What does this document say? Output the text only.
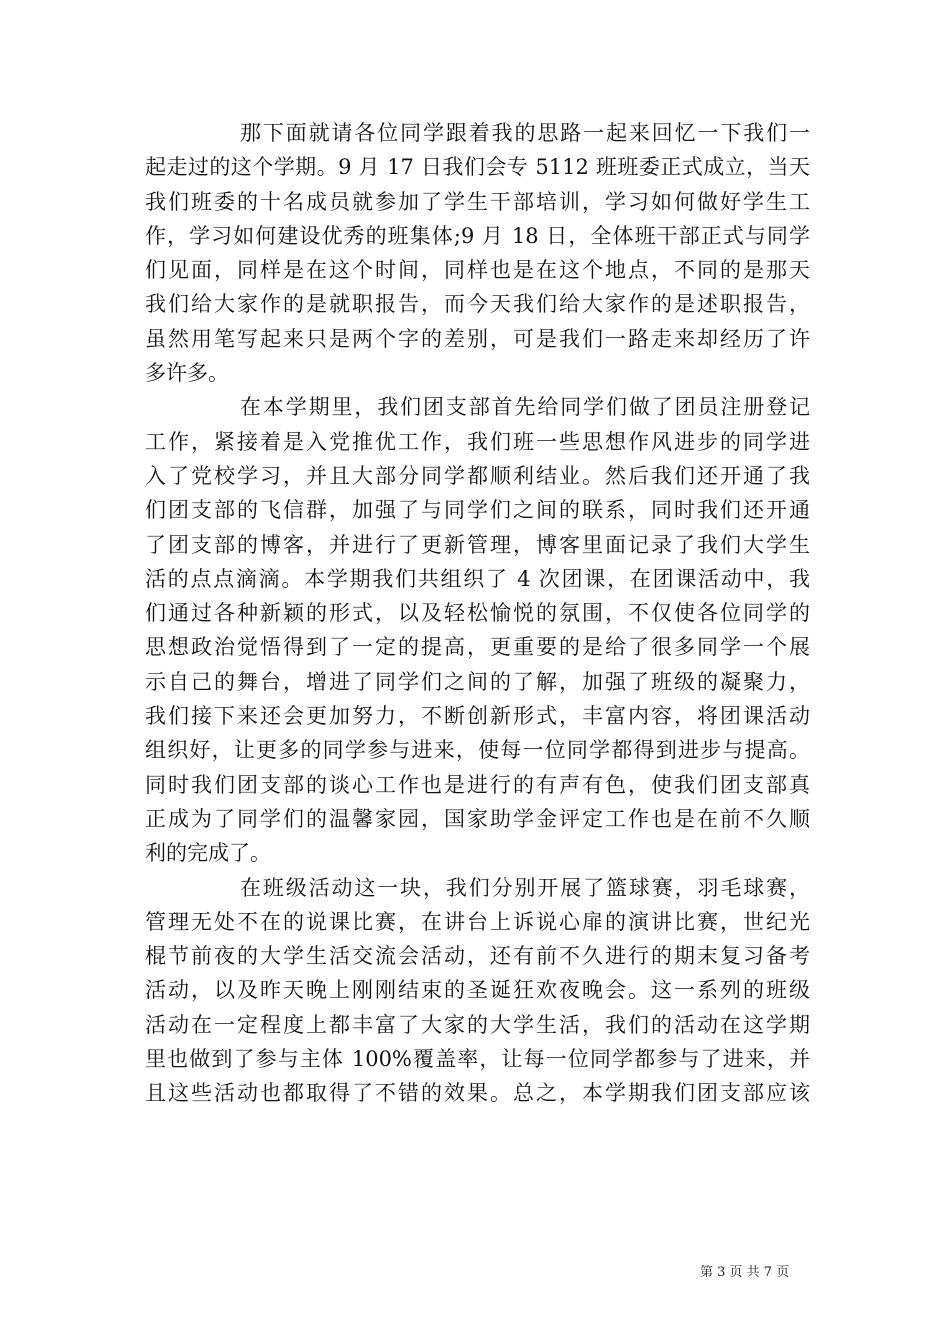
那下面就请各位同学跟着我的思路一起来回忆一下我们一
起走过的这个学期。9 月 17 日我们会专 5112 班班委正式成立，当天
我们班委的十名成员就参加了学生干部培训，学习如何做好学生工
作，学习如何建设优秀的班集体;9 月 18 日，全体班干部正式与同学
们见面，同样是在这个时间，同样也是在这个地点，不同的是那天
我们给大家作的是就职报告，而今天我们给大家作的是述职报告，
虽然用笔写起来只是两个字的差别，可是我们一路走来却经历了许
多许多。
在本学期里，我们团支部首先给同学们做了团员注册登记
工作，紧接着是入党推优工作，我们班一些思想作风进步的同学进
入了党校学习，并且大部分同学都顺利结业。然后我们还开通了我
们团支部的飞信群，加强了与同学们之间的联系，同时我们还开通
了团支部的博客，并进行了更新管理，博客里面记录了我们大学生
活的点点滴滴。本学期我们共组织了 4 次团课，在团课活动中，我
们通过各种新颖的形式，以及轻松愉悦的氛围，不仅使各位同学的
思想政治觉悟得到了一定的提高，更重要的是给了很多同学一个展
示自己的舞台，增进了同学们之间的了解，加强了班级的凝聚力，
我们接下来还会更加努力，不断创新形式，丰富内容，将团课活动
组织好，让更多的同学参与进来，使每一位同学都得到进步与提高。
同时我们团支部的谈心工作也是进行的有声有色，使我们团支部真
正成为了同学们的温馨家园，国家助学金评定工作也是在前不久顺
利的完成了。
在班级活动这一块，我们分别开展了篮球赛，羽毛球赛，
管理无处不在的说课比赛，在讲台上诉说心扉的演讲比赛，世纪光
棍节前夜的大学生活交流会活动，还有前不久进行的期末复习备考
活动，以及昨天晚上刚刚结束的圣诞狂欢夜晚会。这一系列的班级
活动在一定程度上都丰富了大家的大学生活，我们的活动在这学期
里也做到了参与主体 100%覆盖率，让每一位同学都参与了进来，并
且这些活动也都取得了不错的效果。总之，本学期我们团支部应该
第 3 页 共 7 页
